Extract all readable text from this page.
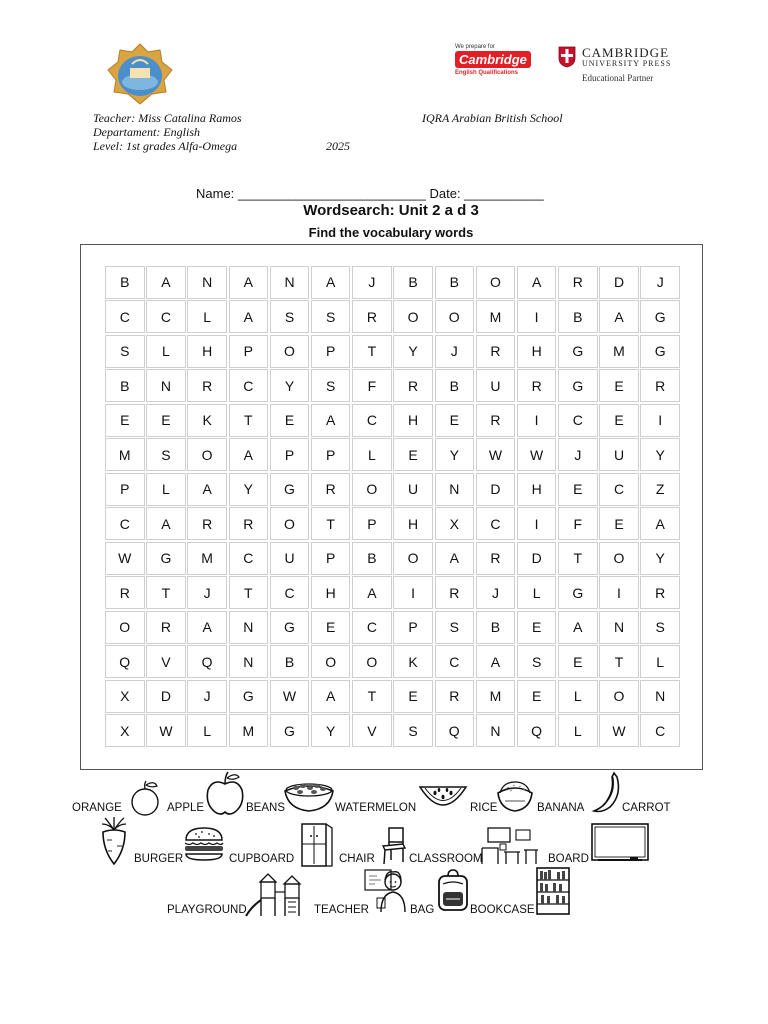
We prepare for
Cambridge
English Qualifications
CAMBRIDGE
UNIVERSITY PRESS
Educational Partner
Teacher: Miss Catalina Ramos
Departament: English
Level: 1st grades Alfa-Omega	2025
IQRA Arabian British School
Name: __________________________ Date: ___________
Wordsearch: Unit 2 a d 3
Find the vocabulary words
B	A	N	A	N	A	J	B	B	O	A	R	D	J
C	C	L	A	S	S	R	O	O	M	I	B	A	G
S	L	H	P	O	P	T	Y	J	R	H	G	M	G
B	N	R	C	Y	S	F	R	B	U	R	G	E	R
E	E	K	T	E	A	C	H	E	R	I	C	E	I
M	S	O	A	P	P	L	E	Y	W	W	J	U	Y
P	L	A	Y	G	R	O	U	N	D	H	E	C	Z
C	A	R	R	O	T	P	H	X	C	I	F	E	A
W	G	M	C	U	P	B	O	A	R	D	T	O	Y
R	T	J	T	C	H	A	I	R	J	L	G	I	R
O	R	A	N	G	E	C	P	S	B	E	A	N	S
Q	V	Q	N	B	O	O	K	C	A	S	E	T	L
X	D	J	G	W	A	T	E	R	M	E	L	O	N
X	W	L	M	G	Y	V	S	Q	N	Q	L	W	C
ORANGE	APPLE	BEANS	WATERMELON	RICE	BANANA	CARROT
BURGER	CUPBOARD	CHAIR	CLASSROOM	BOARD
PLAYGROUND	TEACHER	BAG	BOOKCASE
